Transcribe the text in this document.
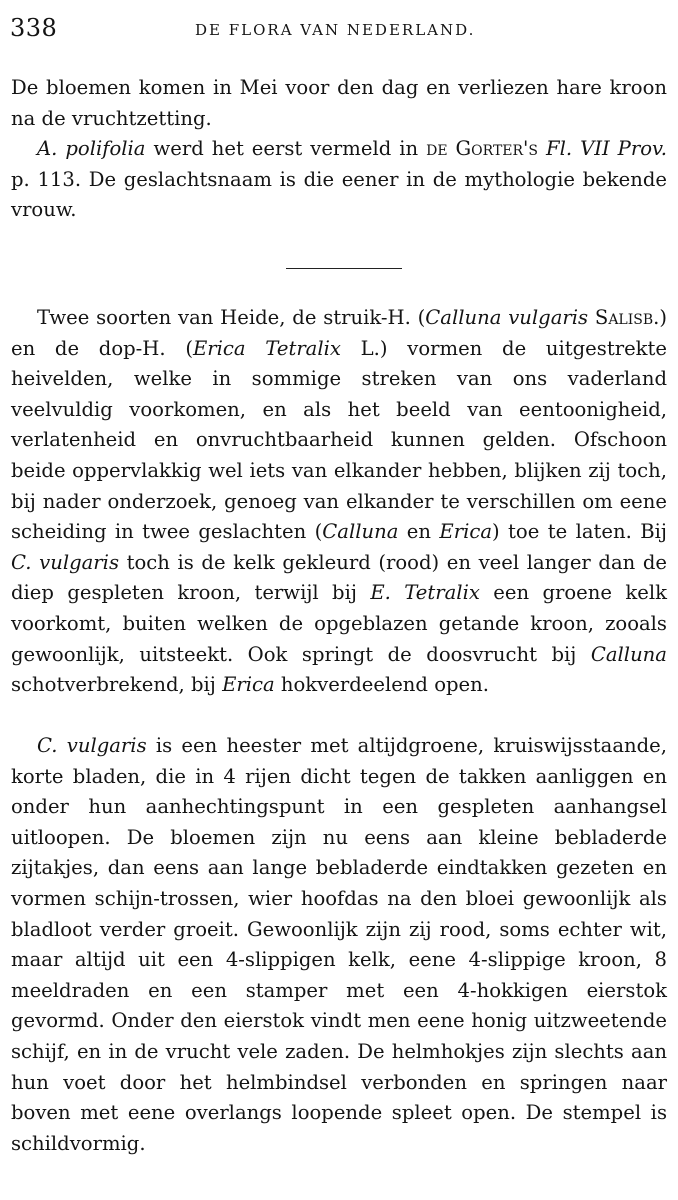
338	DE FLORA VAN NEDERLAND.

De bloemen komen in Mei voor den dag en verliezen hare kroon na de vruchtzetting.

A. polifolia werd het eerst vermeld in de Gorter's Fl. VII Prov. p. 113. De geslachtsnaam is die eener in de mythologie bekende vrouw.

Twee soorten van Heide, de struik-H. (Calluna vulgaris Salisb.) en de dop-H. (Erica Tetralix L.) vormen de uitgestrekte heivelden, welke in sommige streken van ons vaderland veelvuldig voorkomen, en als het beeld van eentoonigheid, verlatenheid en onvruchtbaarheid kunnen gelden. Ofschoon beide oppervlakkig wel iets van elkander hebben, blijken zij toch, bij nader onderzoek, genoeg van elkander te verschillen om eene scheiding in twee geslachten (Calluna en Erica) toe te laten. Bij C. vulgaris toch is de kelk gekleurd (rood) en veel langer dan de diep gespleten kroon, terwijl bij E. Tetralix een groene kelk voorkomt, buiten welken de opgeblazen getande kroon, zooals gewoonlijk, uitsteekt. Ook springt de doosvrucht bij Calluna schotverbrekend, bij Erica hokverdeelend open.

C. vulgaris is een heester met altijdgroene, kruiswijsstaande, korte bladen, die in 4 rijen dicht tegen de takken aanliggen en onder hun aanhechtingspunt in een gespleten aanhangsel uitloopen. De bloemen zijn nu eens aan kleine bebladerde zijtakjes, dan eens aan lange bebladerde eindtakken gezeten en vormen schijn-trossen, wier hoofdas na den bloei gewoonlijk als bladloot verder groeit. Gewoonlijk zijn zij rood, soms echter wit, maar altijd uit een 4-slippigen kelk, eene 4-slippige kroon, 8 meeldraden en een stamper met een 4-hokkigen eierstok gevormd. Onder den eierstok vindt men eene honig uitzweetende schijf, en in de vrucht vele zaden. De helmhokjes zijn slechts aan hun voet door het helmbindsel verbonden en springen naar boven met eene overlangs loopende spleet open. De stempel is schildvormig.
